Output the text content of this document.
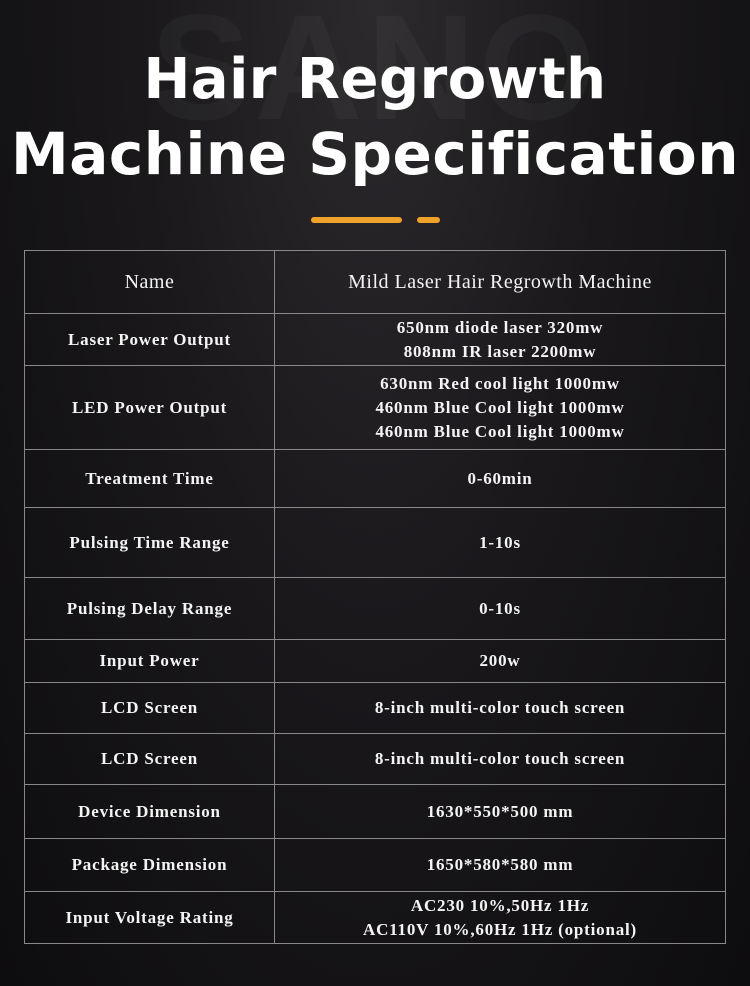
Hair Regrowth
Machine Specification
Name	Mild Laser Hair Regrowth Machine
Laser Power Output	650nm diode laser 320mw
808nm IR laser 2200mw

LED Power Output	630nm Red cool light 1000mw
460nm Blue Cool light 1000mw
460nm Blue Cool light 1000mw

Treatment Time	0-60min
Pulsing Time Range	1-10s
Pulsing Delay Range	0-10s
Input Power	200w
LCD Screen	8-inch multi-color touch screen
LCD Screen	8-inch multi-color touch screen
Device Dimension	1630*550*500 mm
Package Dimension	1650*580*580 mm
Input Voltage Rating	AC230 10%,50Hz 1Hz
AC110V 10%,60Hz 1Hz (optional)
